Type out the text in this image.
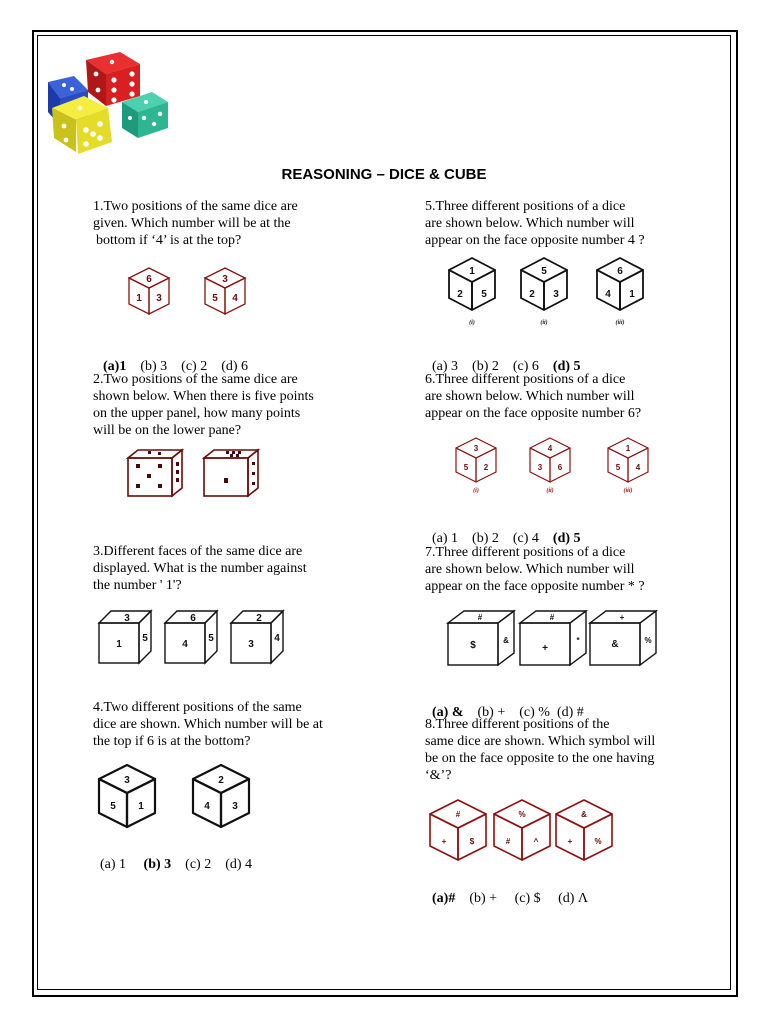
REASONING – DICE & CUBE
1.Two positions of the same dice are
given. Which number will be at the
bottom if ‘4’ is at the top?
6
1 3
3
5 4

(a)1 (b) 3 (c) 2 (d) 6

2.Two positions of the same dice are
shown below. When there is five points
on the upper panel, how many points
will be on the lower pane?
3.Different faces of the same dice are
displayed. What is the number against
the number ' 1'?
3
1
5
6
4
5
2
3
4
4.Two different positions of the same
dice are shown. Which number will be at
the top if 6 is at the bottom?
3
5 1
2
4 3

(a) 1 (b) 3 (c) 2 (d) 4

5.Three different positions of a dice
are shown below. Which number will
appear on the face opposite number 4 ?
1
2 5
(i)
5
2 3
(ii)
6
4 1
(iii)

(a) 3 (b) 2 (c) 6 (d) 5

6.Three different positions of a dice
are shown below. Which number will
appear on the face opposite number 6?
3
5 2
(i)
4
3 6
(ii)
1
5 4
(iii)

(a) 1 (b) 2 (c) 4 (d) 5

7.Three different positions of a dice
are shown below. Which number will
appear on the face opposite number * ?
#
$	&
#
+
*
+
&	%

(a) & (b) + (c) % (d) #

8.Three different positions of the
same dice are shown. Which symbol will
be on the face opposite to the one having
‘&’?
#
+	$
%
#	^
&
+	%

(a)# (b) + (c) $ (d) Λ
